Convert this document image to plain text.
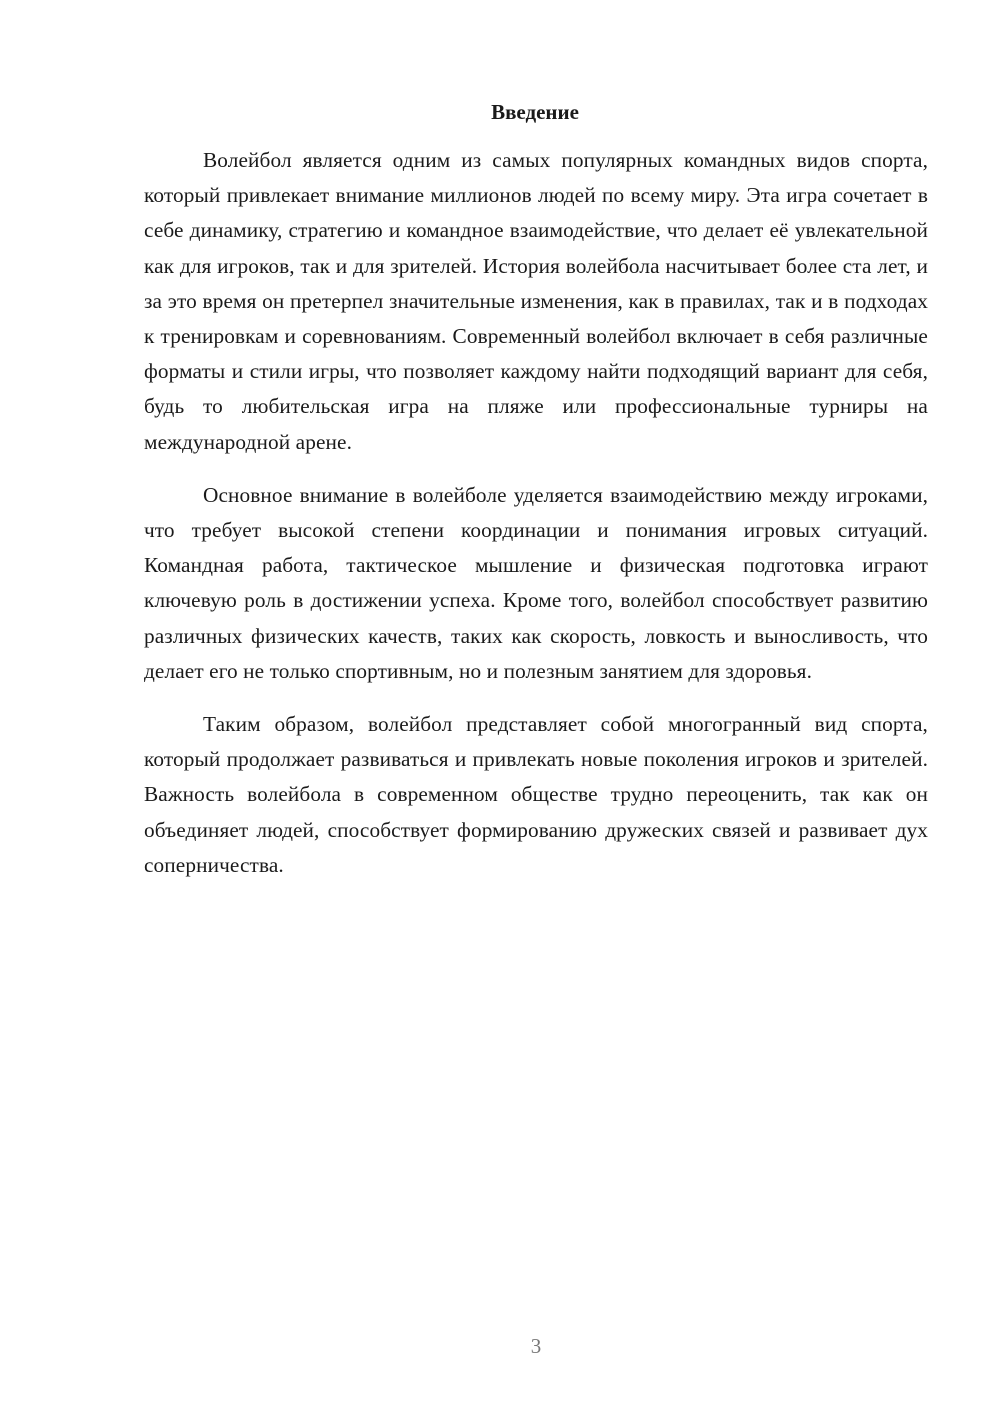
Введение

Волейбол является одним из самых популярных командных видов спорта, который привлекает внимание миллионов людей по всему миру. Эта игра сочетает в себе динамику, стратегию и командное взаимодействие, что делает её увлекательной как для игроков, так и для зрителей. История волейбола насчитывает более ста лет, и за это время он претерпел значительные изменения, как в правилах, так и в подходах к тренировкам и соревнованиям. Современный волейбол включает в себя различные форматы и стили игры, что позволяет каждому найти подходящий вариант для себя, будь то любительская игра на пляже или профессиональные турниры на международной арене.

Основное внимание в волейболе уделяется взаимодействию между игроками, что требует высокой степени координации и понимания игровых ситуаций. Командная работа, тактическое мышление и физическая подготовка играют ключевую роль в достижении успеха. Кроме того, волейбол способствует развитию различных физических качеств, таких как скорость, ловкость и выносливость, что делает его не только спортивным, но и полезным занятием для здоровья.

Таким образом, волейбол представляет собой многогранный вид спорта, который продолжает развиваться и привлекать новые поколения игроков и зрителей. Важность волейбола в современном обществе трудно переоценить, так как он объединяет людей, способствует формированию дружеских связей и развивает дух соперничества.

3
